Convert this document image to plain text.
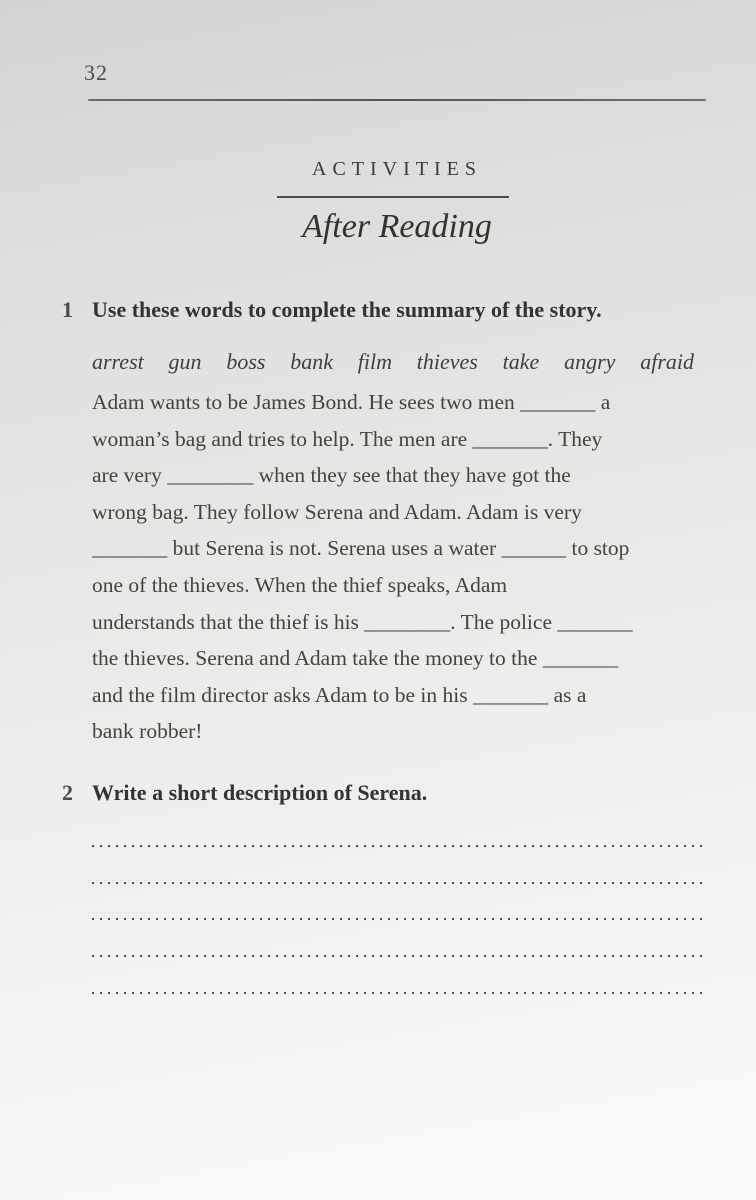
32
ACTIVITIES
After Reading
1 Use these words to complete the summary of the story.
arrest gun boss bank film thieves take angry afraid
Adam wants to be James Bond. He sees two men _______ a
woman’s bag and tries to help. The men are _______. They
are very ________ when they see that they have got the
wrong bag. They follow Serena and Adam. Adam is very
_______ but Serena is not. Serena uses a water ______ to stop
one of the thieves. When the thief speaks, Adam
understands that the thief is his ________. The police _______
the thieves. Serena and Adam take the money to the _______
and the film director asks Adam to be in his _______ as a
bank robber!
2 Write a short description of Serena.
